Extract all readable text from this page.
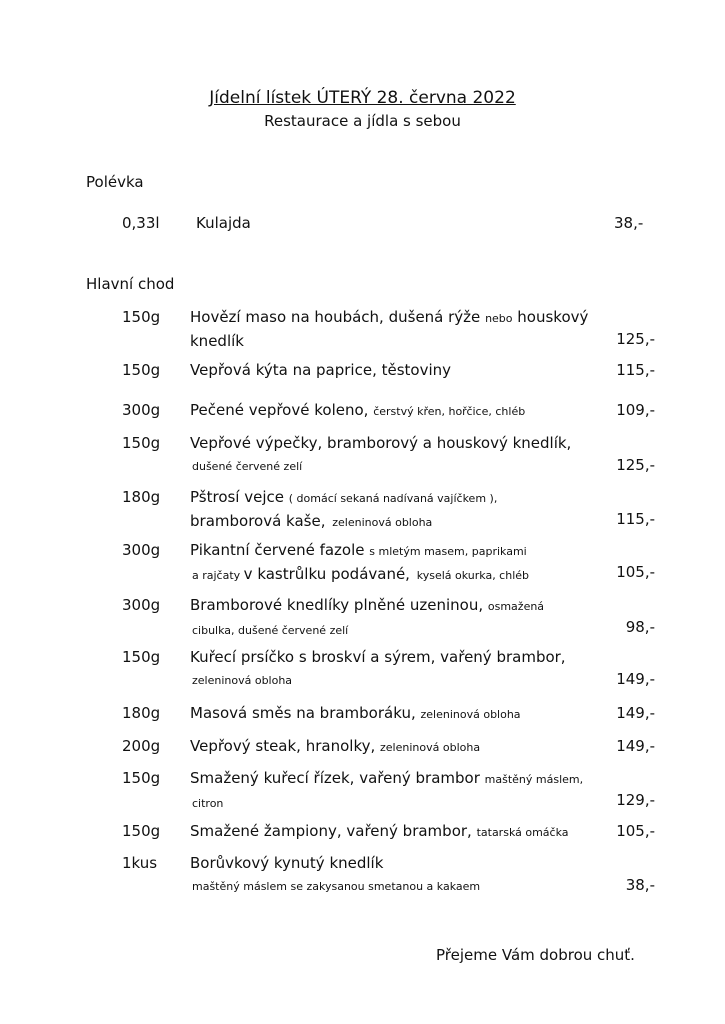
Jídelní lístek ÚTERÝ 28. června 2022
Restaurace a jídla s sebou
Polévka
0,33l Kulajda	38,-
Hlavní chod
150g Hovězí maso na houbách, dušená rýže nebo houskový
knedlík	125,-
150g Vepřová kýta na paprice, těstoviny	115,-
300g Pečené vepřové koleno, čerstvý křen, hořčice, chléb	109,-
150g Vepřové výpečky, bramborový a houskový knedlík,
dušené červené zelí	125,-
180g Pštrosí vejce ( domácí sekaná nadívaná vajíčkem ),
bramborová kaše, zeleninová obloha	115,-
300g Pikantní červené fazole s mletým masem, paprikami
a rajčaty v kastrůlku podávané, kyselá okurka, chléb	105,-
300g Bramborové knedlíky plněné uzeninou, osmažená
cibulka, dušené červené zelí	98,-
150g Kuřecí prsíčko s broskví a sýrem, vařený brambor,
zeleninová obloha	149,-
180g Masová směs na bramboráku, zeleninová obloha	149,-
200g Vepřový steak, hranolky, zeleninová obloha	149,-
150g Smažený kuřecí řízek, vařený brambor maštěný máslem,
citron	129,-
150g Smažené žampiony, vařený brambor, tatarská omáčka	105,-
1kus Borůvkový kynutý knedlík
maštěný máslem se zakysanou smetanou a kakaem	38,-
Přejeme Vám dobrou chuť.
